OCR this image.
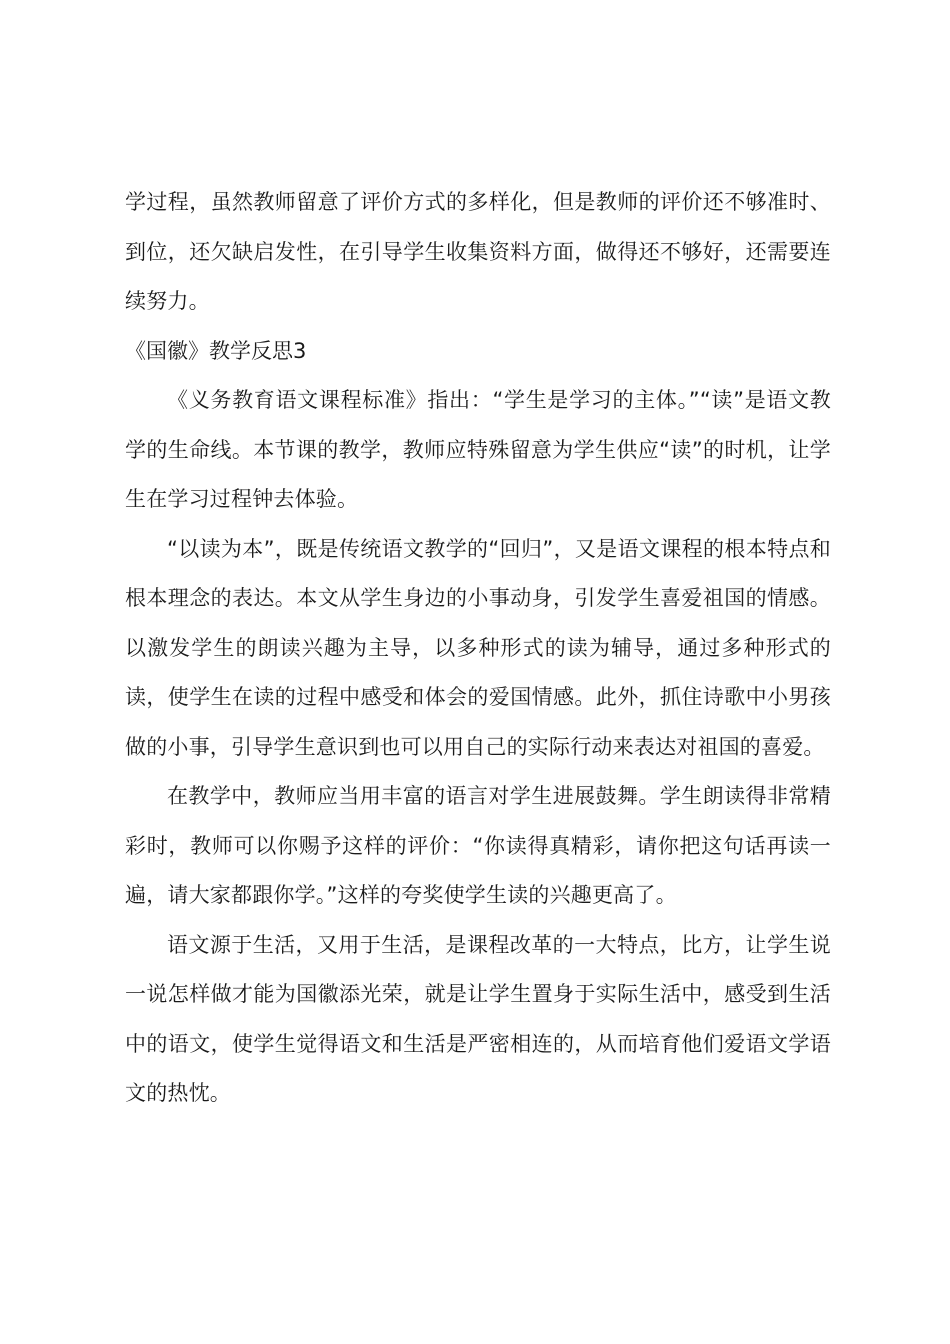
学过程，虽然教师留意了评价方式的多样化，但是教师的评价还不够准时、到位，还欠缺启发性，在引导学生收集资料方面，做得还不够好，还需要连续努力。

《国徽》教学反思3

《义务教育语文课程标准》指出：“学生是学习的主体。”“读”是语文教学的生命线。本节课的教学，教师应特殊留意为学生供应“读”的时机，让学生在学习过程钟去体验。

“以读为本”，既是传统语文教学的“回归”，又是语文课程的根本特点和根本理念的表达。本文从学生身边的小事动身，引发学生喜爱祖国的情感。以激发学生的朗读兴趣为主导，以多种形式的读为辅导，通过多种形式的读，使学生在读的过程中感受和体会的爱国情感。此外，抓住诗歌中小男孩做的小事，引导学生意识到也可以用自己的实际行动来表达对祖国的喜爱。

在教学中，教师应当用丰富的语言对学生进展鼓舞。学生朗读得非常精彩时，教师可以你赐予这样的评价：“你读得真精彩，请你把这句话再读一遍，请大家都跟你学。”这样的夸奖使学生读的兴趣更高了。

语文源于生活，又用于生活，是课程改革的一大特点，比方，让学生说一说怎样做才能为国徽添光荣，就是让学生置身于实际生活中，感受到生活中的语文，使学生觉得语文和生活是严密相连的，从而培育他们爱语文学语文的热忱。
